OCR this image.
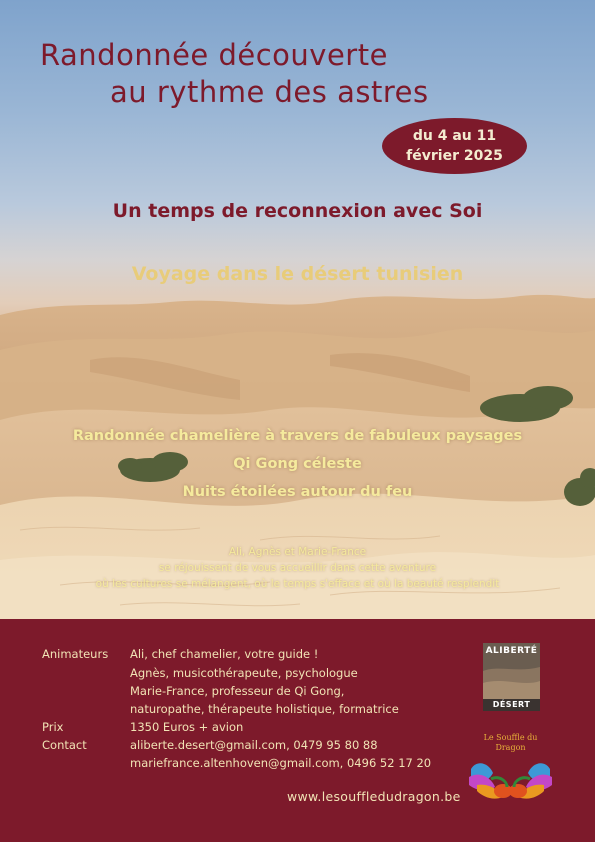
Randonnée découverte
au rythme des astres
du 4 au 11
février 2025
Un temps de reconnexion avec Soi
Voyage dans le désert tunisien
Randonnée chamelière à travers de fabuleux paysages
Qi Gong céleste
Nuits étoilées autour du feu
Ali, Agnès et Marie-France
se réjouissent de vous accueillir dans cette aventure
où les cultures se mélangent, où le temps s'efface et où la beauté resplendit
Animateurs Ali, chef chamelier, votre guide !
Agnès, musicothérapeute, psychologue
Marie-France, professeur de Qi Gong,
naturopathe, thérapeute holistique, formatrice
Prix	1350 Euros + avion
Contact	aliberte.desert@gmail.com, 0479 95 80 88
mariefrance.altenhoven@gmail.com, 0496 52 17 20
www.lesouffledudragon.be
ALIBERTÉ
DÉSERT
Le Souffle du
Dragon
